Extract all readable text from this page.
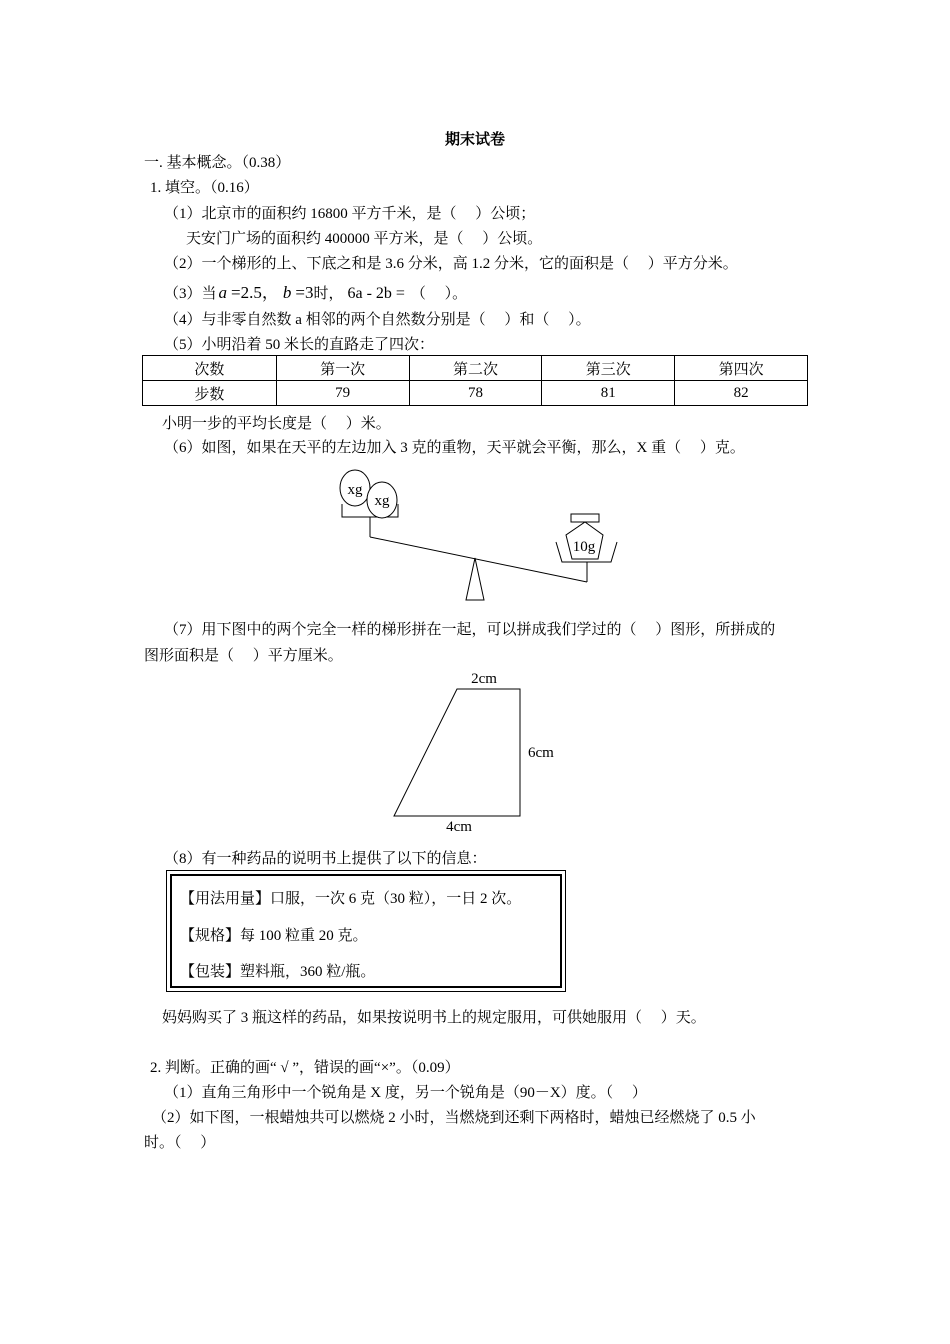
期末试卷
一. 基本概念。（0.38）
1. 填空。（0.16）
（1）北京市的面积约 16800 平方千米，是（　 ）公顷；
天安门广场的面积约 400000 平方米，是（　 ）公顷。
（2）一个梯形的上、下底之和是 3.6 分米，高 1.2 分米，它的面积是（　 ）平方分米。
（3）当 a =2.5， b =3时， 6a - 2b = （　 ）。
（4）与非零自然数 a 相邻的两个自然数分别是（　 ）和（　 ）。
（5）小明沿着 50 米长的直路走了四次：
次数	第一次	第二次	第三次	第四次
步数	79	78	81	82
小明一步的平均长度是（　 ）米。
（6）如图，如果在天平的左边加入 3 克的重物，天平就会平衡，那么，X 重（　 ）克。
xg
xg
10g
（7）用下图中的两个完全一样的梯形拼在一起，可以拼成我们学过的（　 ）图形，所拼成的
图形面积是（　 ）平方厘米。
2cm
6cm
4cm
（8）有一种药品的说明书上提供了以下的信息：
【用法用量】口服，一次 6 克（30 粒），一日 2 次。
【规格】每 100 粒重 20 克。
【包装】塑料瓶，360 粒/瓶。
妈妈购买了 3 瓶这样的药品，如果按说明书上的规定服用，可供她服用（　 ）天。
2. 判断。正确的画“ √ ”，错误的画“×”。（0.09）
（1）直角三角形中一个锐角是 X 度，另一个锐角是（90－X）度。（　 ）
（2）如下图，一根蜡烛共可以燃烧 2 小时，当燃烧到还剩下两格时，蜡烛已经燃烧了 0.5 小
时。（　 ）
